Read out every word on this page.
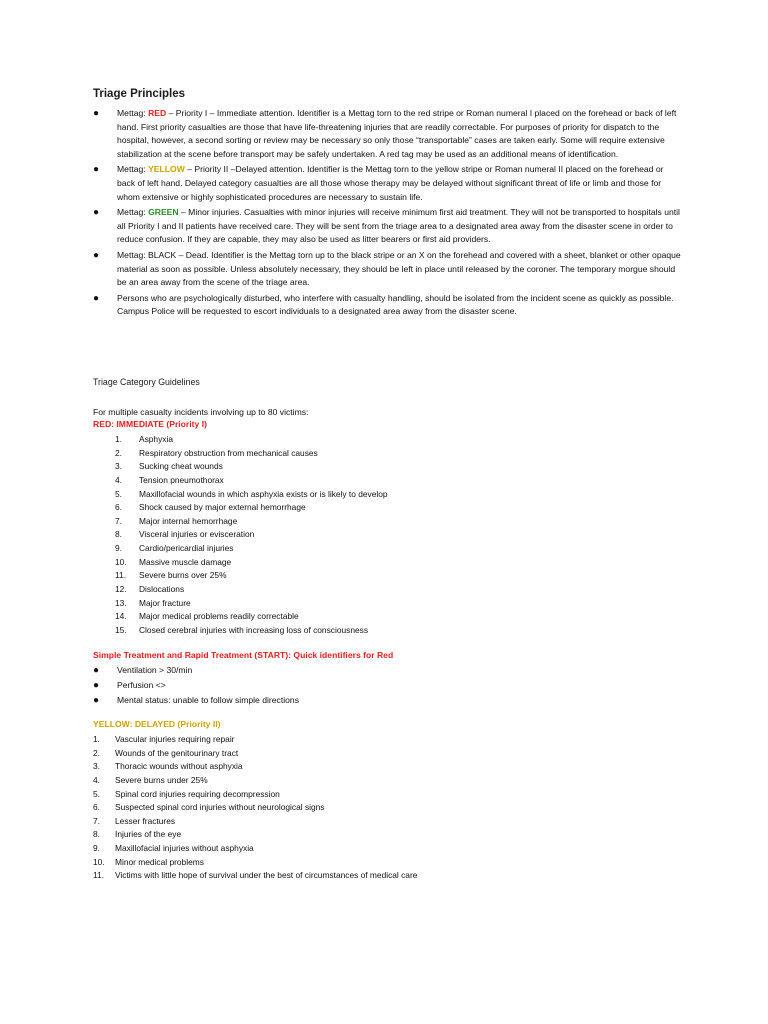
Triage Principles
● Mettag: RED – Priority I – Immediate attention. Identifier is a Mettag torn to the red stripe or Roman numeral I placed on the forehead or back of left hand. First priority casualties are those that have life-threatening injuries that are readily correctable. For purposes of priority for dispatch to the hospital, however, a second sorting or review may be necessary so only those “transportable” cases are taken early. Some will require extensive stabilization at the scene before transport may be safely undertaken. A red tag may be used as an additional means of identification.
● Mettag: YELLOW – Priority II –Delayed attention. Identifier is the Mettag torn to the yellow stripe or Roman numeral II placed on the forehead or back of left hand. Delayed category casualties are all those whose therapy may be delayed without significant threat of life or limb and those for whom extensive or highly sophisticated procedures are necessary to sustain life.
● Mettag: GREEN – Minor injuries. Casualties with minor injuries will receive minimum first aid treatment. They will not be transported to hospitals until all Priority I and II patients have received care. They will be sent from the triage area to a designated area away from the disaster scene in order to reduce confusion. If they are capable, they may also be used as litter bearers or first aid providers.
● Mettag: BLACK – Dead. Identifier is the Mettag torn up to the black stripe or an X on the forehead and covered with a sheet, blanket or other opaque material as soon as possible. Unless absolutely necessary, they should be left in place until released by the coroner. The temporary morgue should be an area away from the scene of the triage area.
● Persons who are psychologically disturbed, who interfere with casualty handling, should be isolated from the incident scene as quickly as possible. Campus Police will be requested to escort individuals to a designated area away from the disaster scene.
Triage Category Guidelines
For multiple casualty incidents involving up to 80 victims:
RED: IMMEDIATE (Priority I)
1. Asphyxia
2. Respiratory obstruction from mechanical causes
3. Sucking cheat wounds
4. Tension pneumothorax
5. Maxillofacial wounds in which asphyxia exists or is likely to develop
6. Shock caused by major external hemorrhage
7. Major internal hemorrhage
8. Visceral injuries or evisceration
9. Cardio/pericardial injuries
10. Massive muscle damage
11. Severe burns over 25%
12. Dislocations
13. Major fracture
14. Major medical problems readily correctable
15. Closed cerebral injuries with increasing loss of consciousness
Simple Treatment and Rapid Treatment (START): Quick identifiers for Red
● Ventilation > 30/min
● Perfusion <>
● Mental status: unable to follow simple directions
YELLOW: DELAYED (Priority II)
1. Vascular injuries requiring repair
2. Wounds of the genitourinary tract
3. Thoracic wounds without asphyxia
4. Severe burns under 25%
5. Spinal cord injuries requiring decompression
6. Suspected spinal cord injuries without neurological signs
7. Lesser fractures
8. Injuries of the eye
9. Maxillofacial injuries without asphyxia
10. Minor medical problems
11. Victims with little hope of survival under the best of circumstances of medical care
